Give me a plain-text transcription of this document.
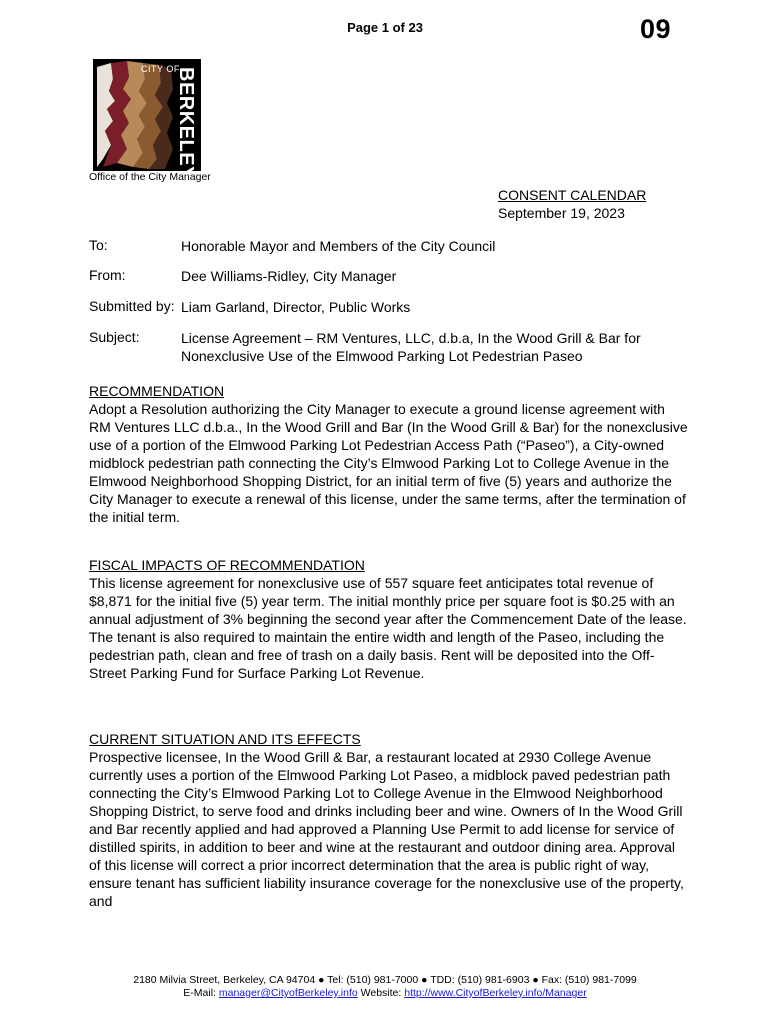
Page 1 of 23	09
CITY OF
BERKELEY
Office of the City Manager
CONSENT CALENDAR
September 19, 2023
To:	Honorable Mayor and Members of the City Council
From:	Dee Williams-Ridley, City Manager
Submitted by: Liam Garland, Director, Public Works
Subject:	License Agreement – RM Ventures, LLC, d.b.a, In the Wood Grill & Bar for Nonexclusive Use of the Elmwood Parking Lot Pedestrian Paseo
RECOMMENDATION
Adopt a Resolution authorizing the City Manager to execute a ground license agreement with RM Ventures LLC d.b.a., In the Wood Grill and Bar (In the Wood Grill & Bar) for the nonexclusive use of a portion of the Elmwood Parking Lot Pedestrian Access Path (“Paseo”), a City-owned midblock pedestrian path connecting the City’s Elmwood Parking Lot to College Avenue in the Elmwood Neighborhood Shopping District, for an initial term of five (5) years and authorize the City Manager to execute a renewal of this license, under the same terms, after the termination of the initial term.
FISCAL IMPACTS OF RECOMMENDATION
This license agreement for nonexclusive use of 557 square feet anticipates total revenue of $8,871 for the initial five (5) year term. The initial monthly price per square foot is $0.25 with an annual adjustment of 3% beginning the second year after the Commencement Date of the lease. The tenant is also required to maintain the entire width and length of the Paseo, including the pedestrian path, clean and free of trash on a daily basis. Rent will be deposited into the Off-Street Parking Fund for Surface Parking Lot Revenue.
CURRENT SITUATION AND ITS EFFECTS
Prospective licensee, In the Wood Grill & Bar, a restaurant located at 2930 College Avenue currently uses a portion of the Elmwood Parking Lot Paseo, a midblock paved pedestrian path connecting the City’s Elmwood Parking Lot to College Avenue in the Elmwood Neighborhood Shopping District, to serve food and drinks including beer and wine. Owners of In the Wood Grill and Bar recently applied and had approved a Planning Use Permit to add license for service of distilled spirits, in addition to beer and wine at the restaurant and outdoor dining area. Approval of this license will correct a prior incorrect determination that the area is public right of way, ensure tenant has sufficient liability insurance coverage for the nonexclusive use of the property, and
2180 Milvia Street, Berkeley, CA 94704 ● Tel: (510) 981-7000 ● TDD: (510) 981-6903 ● Fax: (510) 981-7099
E-Mail: manager@CityofBerkeley.info Website: http://www.CityofBerkeley.info/Manager
